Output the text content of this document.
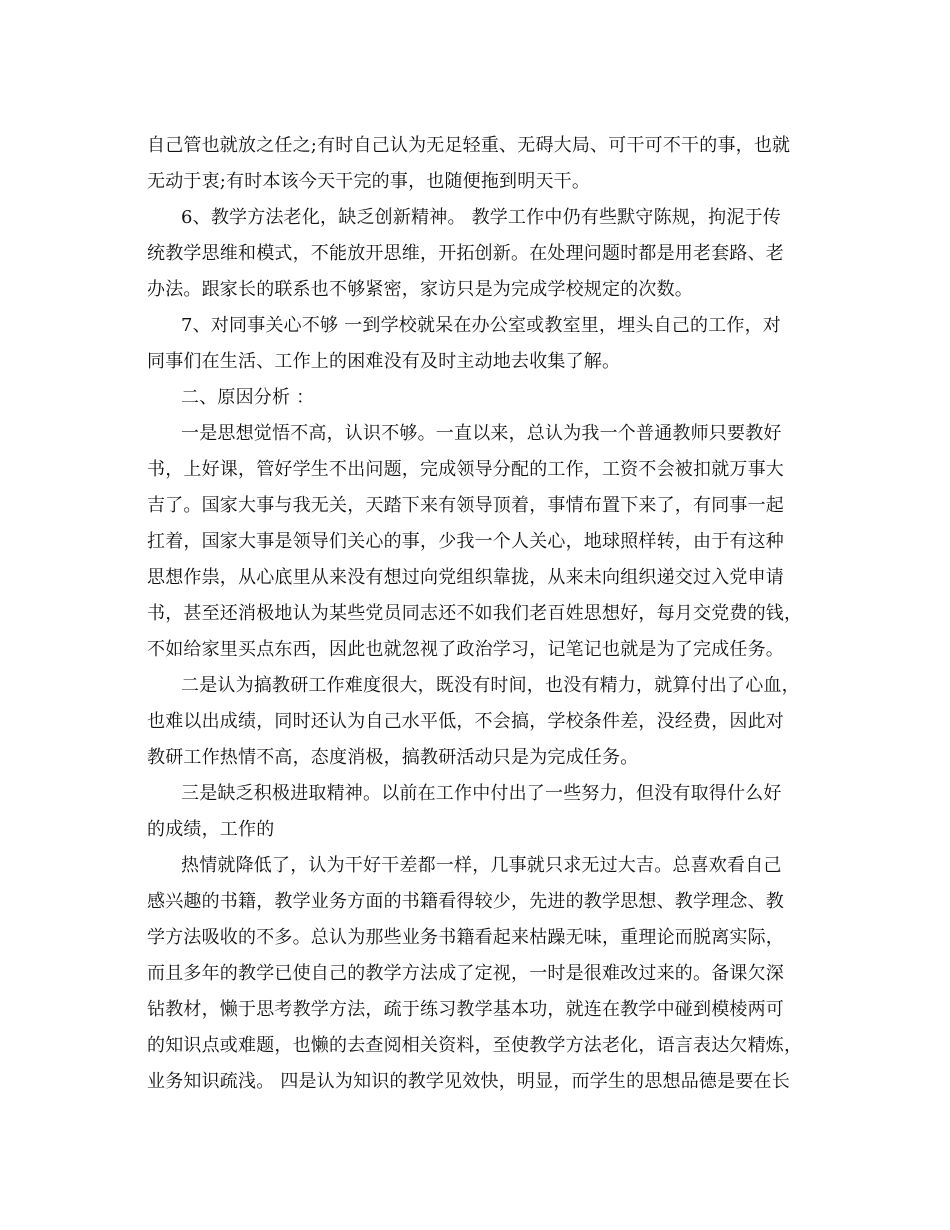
自己管也就放之任之;有时自己认为无足轻重、无碍大局、可干可不干的事，也就
无动于衷;有时本该今天干完的事，也随便拖到明天干。
6、教学方法老化，缺乏创新精神。 教学工作中仍有些默守陈规，拘泥于传
统教学思维和模式，不能放开思维，开拓创新。在处理问题时都是用老套路、老
办法。跟家长的联系也不够紧密，家访只是为完成学校规定的次数。
7、对同事关心不够 一到学校就呆在办公室或教室里，埋头自己的工作，对
同事们在生活、工作上的困难没有及时主动地去收集了解。
二、原因分析 ：
一是思想觉悟不高，认识不够。一直以来，总认为我一个普通教师只要教好
书，上好课，管好学生不出问题，完成领导分配的工作，工资不会被扣就万事大
吉了。国家大事与我无关，天踏下来有领导顶着，事情布置下来了，有同事一起
扛着，国家大事是领导们关心的事，少我一个人关心，地球照样转，由于有这种
思想作祟，从心底里从来没有想过向党组织靠拢，从来未向组织递交过入党申请
书，甚至还消极地认为某些党员同志还不如我们老百姓思想好，每月交党费的钱，
不如给家里买点东西，因此也就忽视了政治学习，记笔记也就是为了完成任务。
二是认为搞教研工作难度很大，既没有时间，也没有精力，就算付出了心血，
也难以出成绩，同时还认为自己水平低，不会搞，学校条件差，没经费，因此对
教研工作热情不高，态度消极，搞教研活动只是为完成任务。
三是缺乏积极进取精神。以前在工作中付出了一些努力，但没有取得什么好
的成绩，工作的
热情就降低了，认为干好干差都一样，几事就只求无过大吉。总喜欢看自己
感兴趣的书籍，教学业务方面的书籍看得较少，先进的教学思想、教学理念、教
学方法吸收的不多。总认为那些业务书籍看起来枯躁无味，重理论而脱离实际，
而且多年的教学已使自己的教学方法成了定视，一时是很难改过来的。备课欠深
钻教材，懒于思考教学方法，疏于练习教学基本功，就连在教学中碰到模棱两可
的知识点或难题，也懒的去查阅相关资料，至使教学方法老化，语言表达欠精炼，
业务知识疏浅。 四是认为知识的教学见效快，明显，而学生的思想品德是要在长
